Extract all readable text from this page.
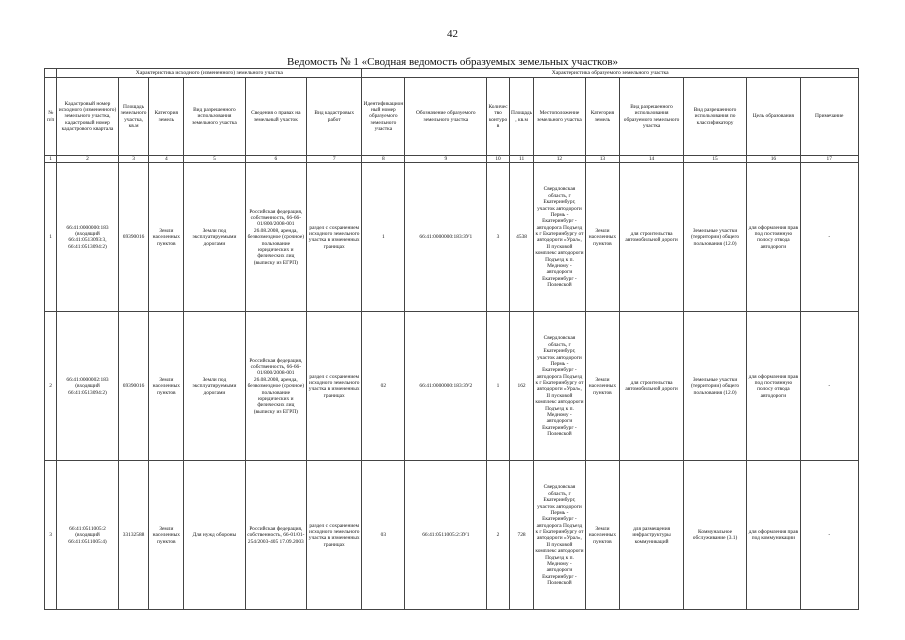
42
Ведомость № 1 «Сводная ведомость образуемых земельных участков»
	Характеристика исходного (измененного) земельного участка						Характеристика образуемого земельного участка									
№ п/п	Кадастровый номер исходного (измененного) земельного участка, кадастровый номер кадастрового квартала	Площадь земельного участка, кв.м	Категория земель	Вид разрешенного использования земельного участка	Сведения о правах на земельный участок	Вид кадастровых работ	Идентификационный номер образуемого земельного участка	Обозначение образуемого земельного участка	Количество контуров	Площадь, кв.м	Местоположение земельного участка	Категория земель	Вид разрешенного использования образуемого земельного участка	Вид разрешенного использования по классификатору	Цель образования	Примечание
1	2	3	4	5	6	7	8	9	10	11	12	13	14	15	16	17
1	66:41:0000000:183 (входящий 66:41:0513093:3, 66:41:0513094:2)	69390016	Земли населенных пунктов	Земли под эксплуатируемыми дорогами	Российская федерация, собственность, 66-66-01/800/2008-001 26.08.2008, аренда, безвозмездное (срочное) пользование юридических и физических лиц (выписку из ЕГРП)	раздел с сохранением исходного земельного участка в измененных границах	1	66:41:0000000:183:ЗУ1	3	4538	Свердловская область, г Екатеринбург, участок автодороги Пермь - Екатеринбург - автодорога Подъезд к г Екатеринбургу от автодороги «Урал», II пусковой комплекс автодороги Подъезд к п. Медному - автодороги Екатеринбург - Полевской	Земли населенных пунктов	для строительства автомобильной дороги	Земельные участки (территории) общего пользования (12.0)	для оформления прав под постоянную полосу отвода автодороги	-
2	66:41:0000002:183 (входящий 66:41:0513094:2)	69390016	Земли населенных пунктов	Земли под эксплуатируемыми дорогами	Российская федерация, собственность, 66-66-01/800/2008-001 26.08.2008, аренда, безвозмездное (срочное) пользование юридических и физических лиц (выписку из ЕГРП)	раздел с сохранением исходного земельного участка в измененных границах	02	66:41:0000000:183:ЗУ2	1	162	Свердловская область, г Екатеринбург, участок автодороги Пермь - Екатеринбург - автодорога Подъезд к г Екатеринбургу от автодороги «Урал», II пусковой комплекс автодороги Подъезд к п. Медному - автодороги Екатеринбург - Полевской	Земли населенных пунктов	для строительства автомобильной дороги	Земельные участки (территории) общего пользования (12.0)	для оформления прав под постоянную полосу отвода автодороги	-
3	66:41:0511005:2 (входящий 66:41:0511005:4)	33132588	Земли населенных пунктов	Для нужд обороны	Российская федерация, собственность, 66-01/01-254/2003-405 17.09.2003	раздел с сохранением исходного земельного участка в измененных границах	03	66:41:0511005:2:ЗУ1	2	728	Свердловская область, г Екатеринбург, участок автодороги Пермь - Екатеринбург - автодорога Подъезд к г Екатеринбургу от автодороги «Урал», II пусковой комплекс автодороги Подъезд к п. Медному - автодороги Екатеринбург - Полевской	Земли населенных пунктов	для размещения инфраструктуры коммуникаций	Коммунальное обслуживание (3.1)	для оформления прав под коммуникации	-
